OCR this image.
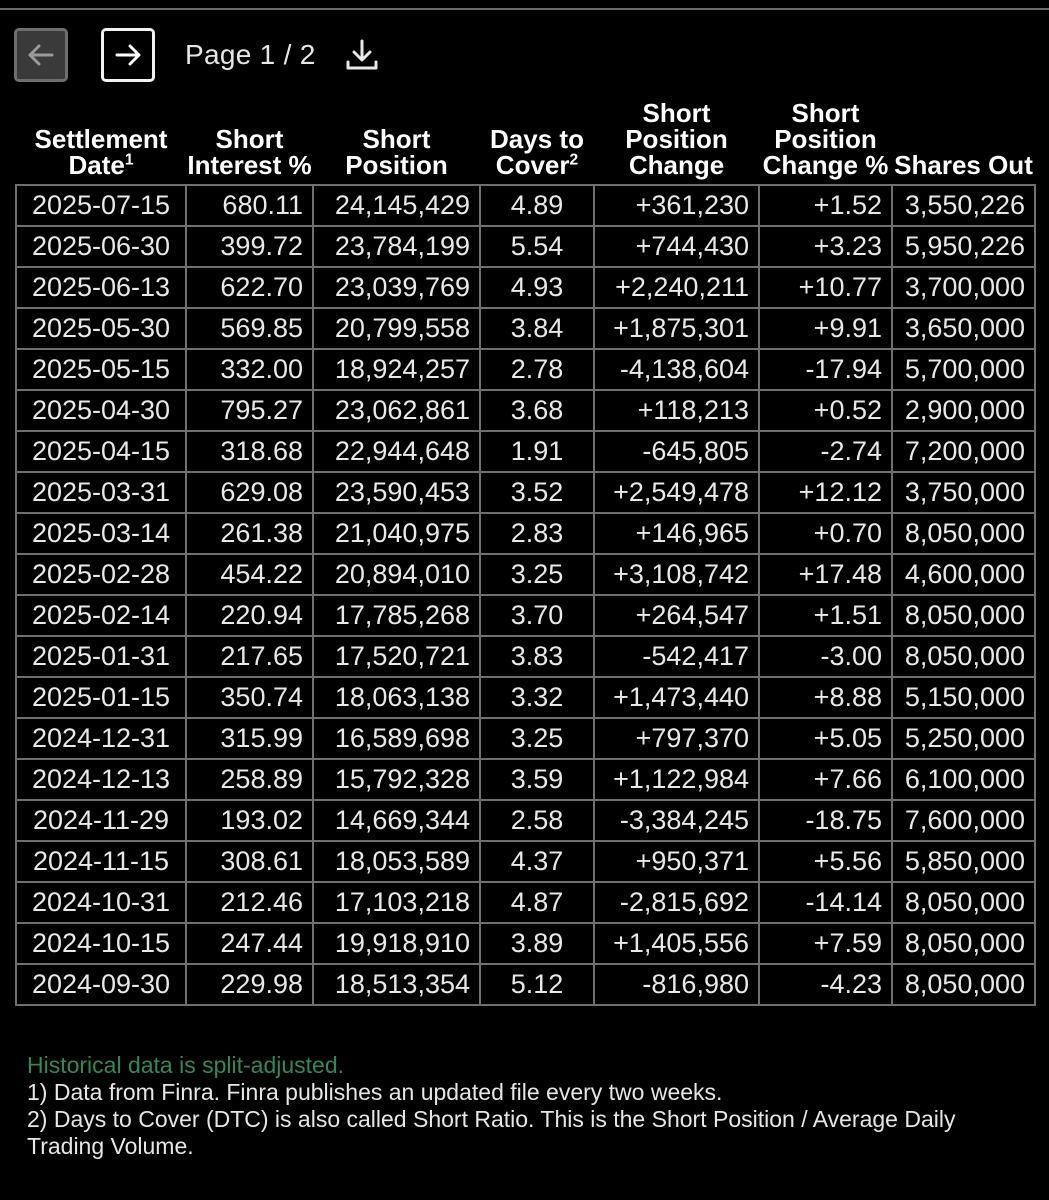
Page 1 / 2
Settlement Date$^1$	Short Interest %	Short Position	Days to Cover$^2$	Short Position Change	Short Position Change %	Shares Out
2025-07-15	680.11	24,145,429	4.89	+361,230	+1.52	3,550,226
2025-06-30	399.72	23,784,199	5.54	+744,430	+3.23	5,950,226
2025-06-13	622.70	23,039,769	4.93	+2,240,211	+10.77	3,700,000
2025-05-30	569.85	20,799,558	3.84	+1,875,301	+9.91	3,650,000
2025-05-15	332.00	18,924,257	2.78	-4,138,604	-17.94	5,700,000
2025-04-30	795.27	23,062,861	3.68	+118,213	+0.52	2,900,000
2025-04-15	318.68	22,944,648	1.91	-645,805	-2.74	7,200,000
2025-03-31	629.08	23,590,453	3.52	+2,549,478	+12.12	3,750,000
2025-03-14	261.38	21,040,975	2.83	+146,965	+0.70	8,050,000
2025-02-28	454.22	20,894,010	3.25	+3,108,742	+17.48	4,600,000
2025-02-14	220.94	17,785,268	3.70	+264,547	+1.51	8,050,000
2025-01-31	217.65	17,520,721	3.83	-542,417	-3.00	8,050,000
2025-01-15	350.74	18,063,138	3.32	+1,473,440	+8.88	5,150,000
2024-12-31	315.99	16,589,698	3.25	+797,370	+5.05	5,250,000
2024-12-13	258.89	15,792,328	3.59	+1,122,984	+7.66	6,100,000
2024-11-29	193.02	14,669,344	2.58	-3,384,245	-18.75	7,600,000
2024-11-15	308.61	18,053,589	4.37	+950,371	+5.56	5,850,000
2024-10-31	212.46	17,103,218	4.87	-2,815,692	-14.14	8,050,000
2024-10-15	247.44	19,918,910	3.89	+1,405,556	+7.59	8,050,000
2024-09-30	229.98	18,513,354	5.12	-816,980	-4.23	8,050,000
Historical data is split-adjusted.
1) Data from Finra. Finra publishes an updated file every two weeks.
2) Days to Cover (DTC) is also called Short Ratio. This is the Short Position / Average Daily Trading Volume.
